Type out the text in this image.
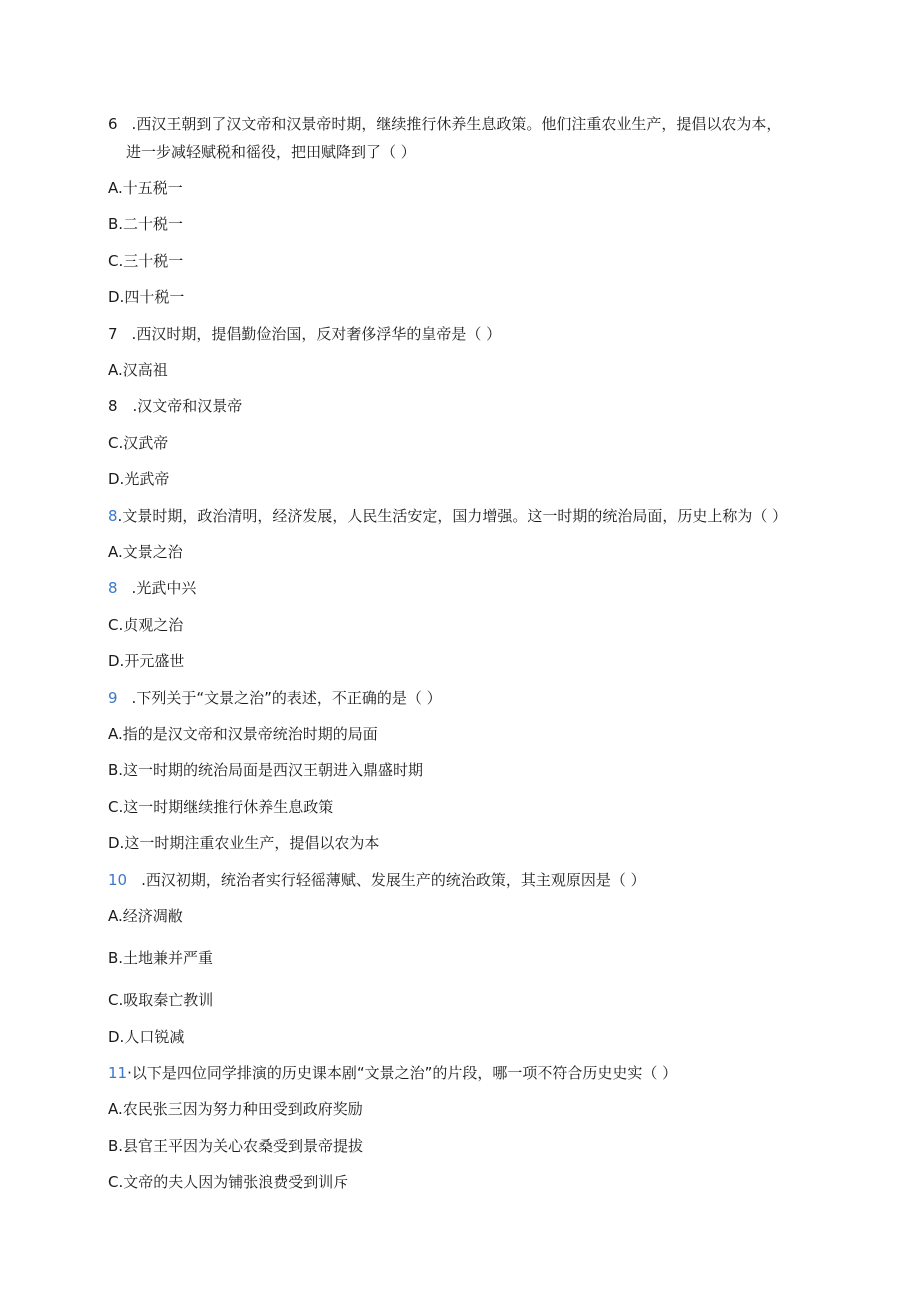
6 .西汉王朝到了汉文帝和汉景帝时期，继续推行休养生息政策。他们注重农业生产，提倡以农为本，
进一步减轻赋税和徭役，把田赋降到了（ ）
A.十五税一
B.二十税一
C.三十税一
D.四十税一
7 .西汉时期，提倡勤俭治国，反对奢侈浮华的皇帝是（ ）
A.汉高祖
8　.汉文帝和汉景帝
C.汉武帝
D.光武帝
8.文景时期，政治清明，经济发展，人民生活安定，国力增强。这一时期的统治局面，历史上称为（ ）
A.文景之治
8 .光武中兴
C.贞观之治
D.开元盛世
9 .下列关于“文景之治”的表述，不正确的是（ ）
A.指的是汉文帝和汉景帝统治时期的局面
B.这一时期的统治局面是西汉王朝进入鼎盛时期
C.这一时期继续推行休养生息政策
D.这一时期注重农业生产，提倡以农为本
10 .西汉初期，统治者实行轻徭薄赋、发展生产的统治政策，其主观原因是（ ）
A.经济凋敝
B.土地兼并严重
C.吸取秦亡教训
D.人口锐减
11·以下是四位同学排演的历史课本剧“文景之治”的片段，哪一项不符合历史史实（ ）
A.农民张三因为努力种田受到政府奖励
B.县官王平因为关心农桑受到景帝提拔
C.文帝的夫人因为铺张浪费受到训斥
